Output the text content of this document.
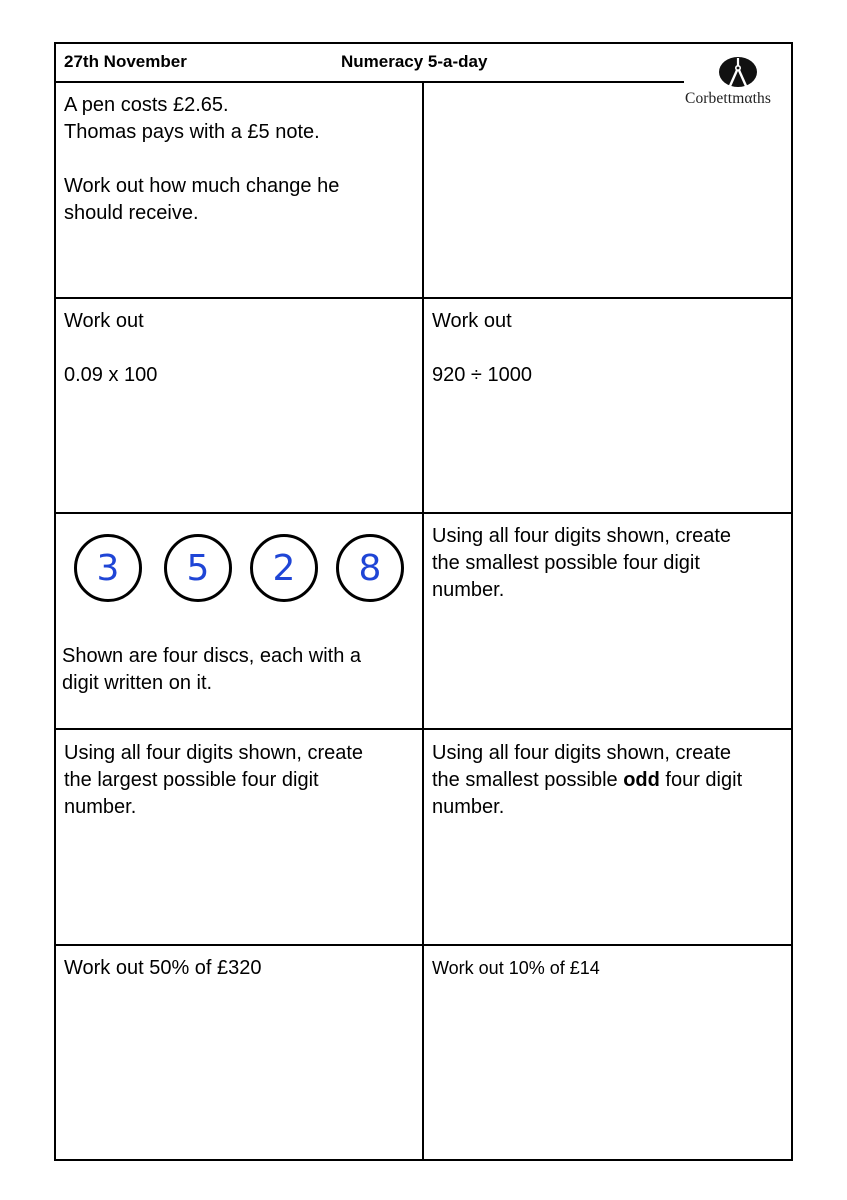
27th November	Numeracy 5-a-day
Corbettmαths
A pen costs £2.65.
Thomas pays with a £5 note.
Work out how much change he
should receive.
Work out
0.09 x 100
Work out
920 ÷ 1000
3	5	2	8
Shown are four discs, each with a
digit written on it.
Using all four digits shown, create
the smallest possible four digit
number.
Using all four digits shown, create
the largest possible four digit
number.
Using all four digits shown, create
the smallest possible odd four digit
number.
Work out 50% of £320	Work out 10% of £14
